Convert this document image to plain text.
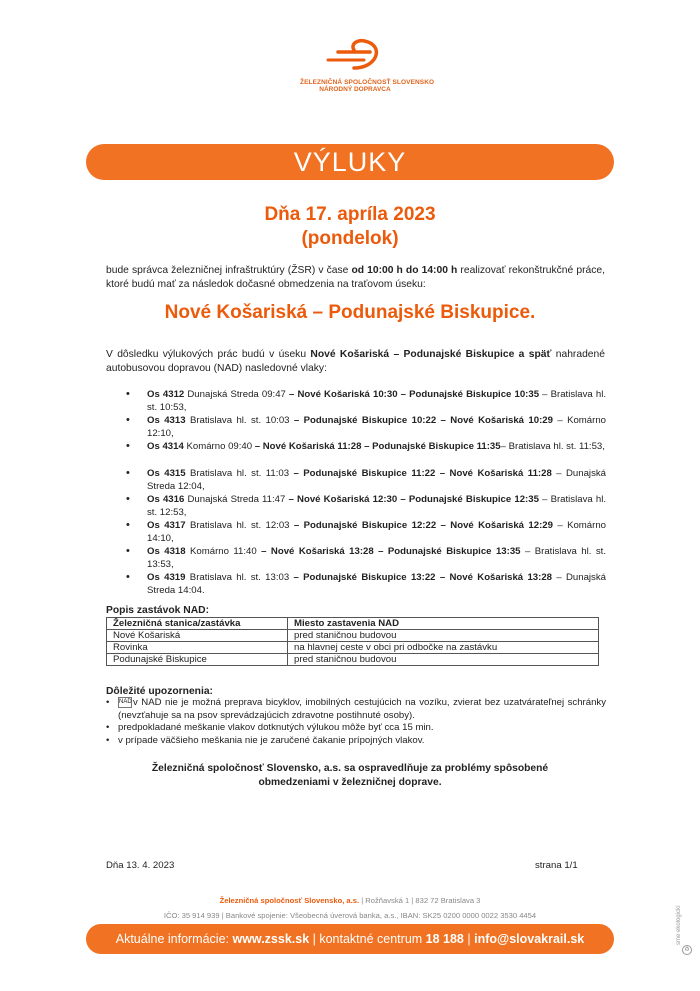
ŽELEZNIČNÁ SPOLOČNOSŤ SLOVENSKO
NÁRODNÝ DOPRAVCA
VÝLUKY
Dňa 17. apríla 2023
(pondelok)
bude správca železničnej infraštruktúry (ŽSR) v čase od 10:00 h do 14:00 h realizovať rekonštrukčné práce, ktoré budú mať za následok dočasné obmedzenia na traťovom úseku:
Nové Košariská – Podunajské Biskupice.
V dôsledku výlukových prác budú v úseku Nové Košariská – Podunajské Biskupice a späť nahradené autobusovou dopravou (NAD) nasledovné vlaky:
• Os 4312 Dunajská Streda 09:47 – Nové Košariská 10:30 – Podunajské Biskupice 10:35 – Bratislava hl. st. 10:53,
• Os 4313 Bratislava hl. st. 10:03 – Podunajské Biskupice 10:22 – Nové Košariská 10:29 – Komárno 12:10,
• Os 4314 Komárno 09:40 – Nové Košariská 11:28 – Podunajské Biskupice 11:35– Bratislava hl. st. 11:53,
• Os 4315 Bratislava hl. st. 11:03 – Podunajské Biskupice 11:22 – Nové Košariská 11:28 – Dunajská Streda 12:04,
• Os 4316 Dunajská Streda 11:47 – Nové Košariská 12:30 – Podunajské Biskupice 12:35 – Bratislava hl. st. 12:53,
• Os 4317 Bratislava hl. st. 12:03 – Podunajské Biskupice 12:22 – Nové Košariská 12:29 – Komárno 14:10,
• Os 4318 Komárno 11:40 – Nové Košariská 13:28 – Podunajské Biskupice 13:35 – Bratislava hl. st. 13:53,
• Os 4319 Bratislava hl. st. 13:03 – Podunajské Biskupice 13:22 – Nové Košariská 13:28 – Dunajská Streda 14:04.
Popis zastávok NAD:
Železničná stanica/zastávka	Miesto zastavenia NAD
Nové Košariská	pred staničnou budovou
Rovinka	na hlavnej ceste v obci pri odbočke na zastávku
Podunajské Biskupice	pred staničnou budovou
Dôležité upozornenia:
• NADv NAD nie je možná preprava bicyklov, imobilných cestujúcich na vozíku, zvierat bez uzatvárateľnej schránky (nevzťahuje sa na psov sprevádzajúcich zdravotne postihnuté osoby).
• predpokladané meškanie vlakov dotknutých výlukou môže byť cca 15 min.
• v prípade väčšieho meškania nie je zaručené čakanie prípojných vlakov.
Železničná spoločnosť Slovensko, a.s. sa ospravedlňuje za problémy spôsobené obmedzeniami v železničnej doprave.
Dňa 13. 4. 2023	strana 1/1
Železničná spoločnosť Slovensko, a.s. | Rožňavská 1 | 832 72 Bratislava 3
IČO: 35 914 939 | Bankové spojenie: Všeobecná úverová banka, a.s., IBAN: SK25 0200 0000 0022 3530 4454
Aktuálne informácie: www.zssk.sk | kontaktné centrum 18 188 | info@slovakrail.sk	sme ekologickí
♻
